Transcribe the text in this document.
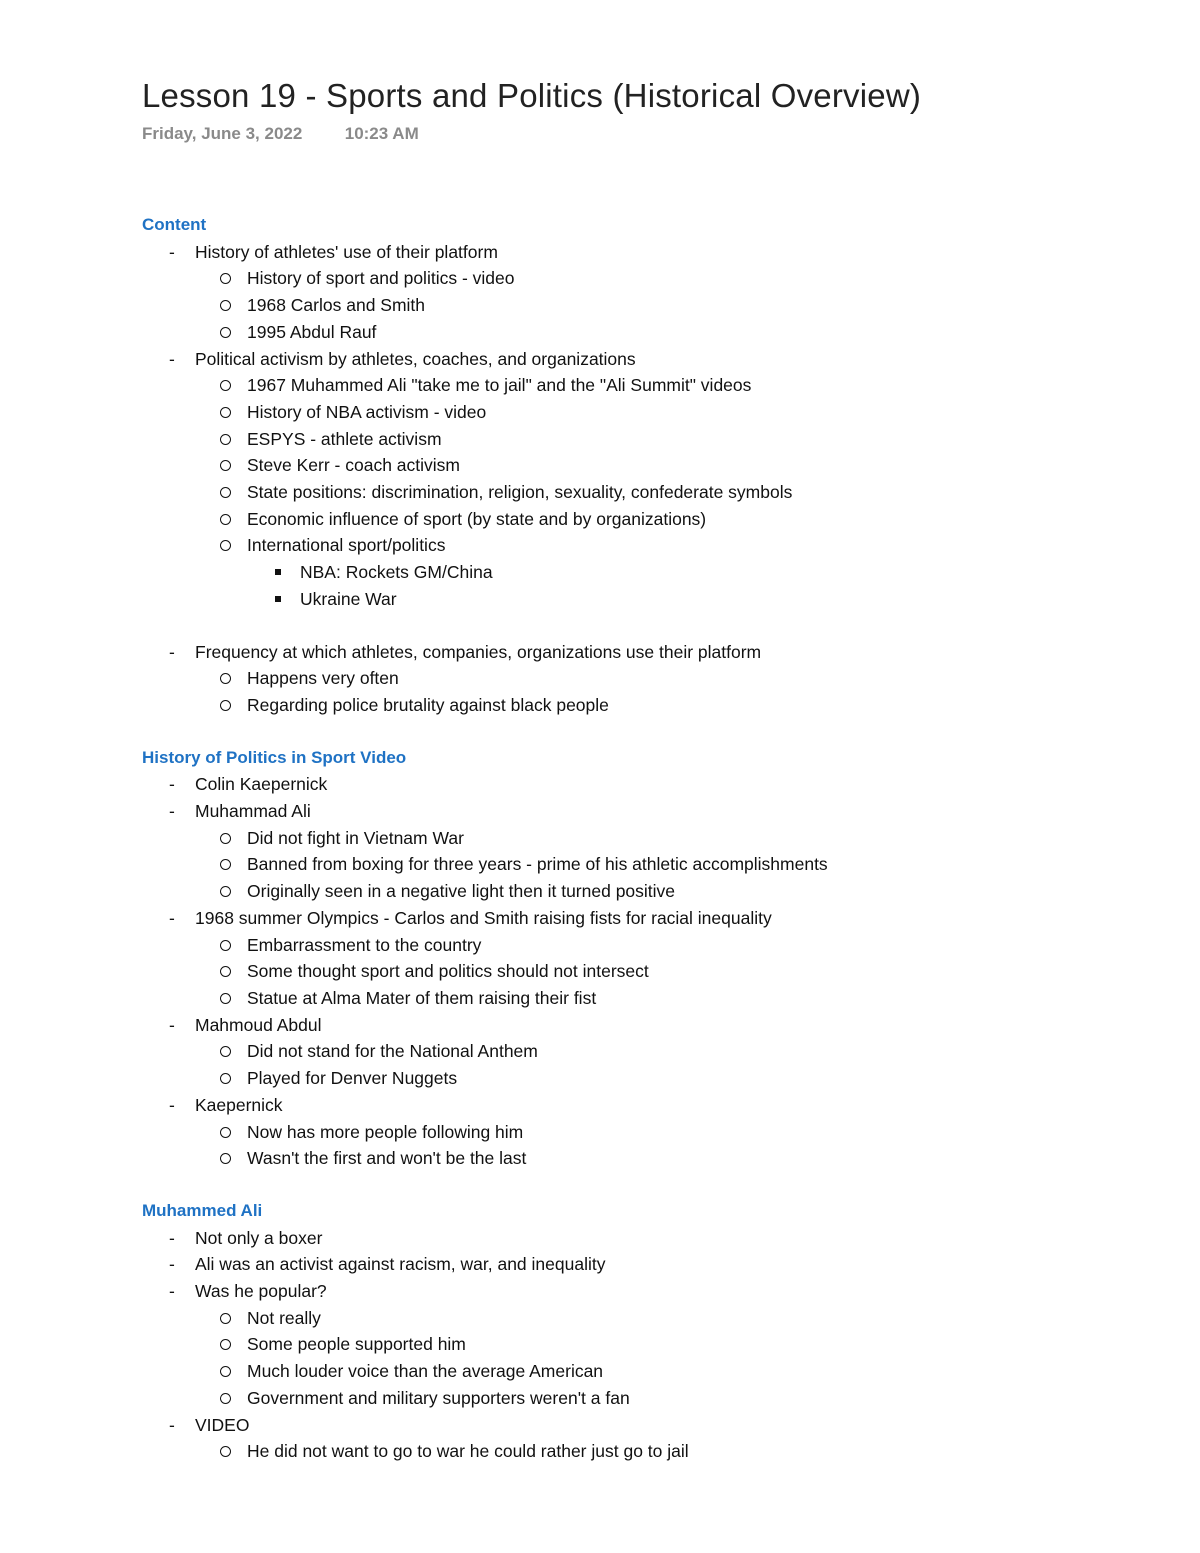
Lesson 19 - Sports and Politics (Historical Overview)
Friday, June 3, 2022 10:23 AM
Content
- History of athletes' use of their platform
History of sport and politics - video
1968 Carlos and Smith
1995 Abdul Rauf
- Political activism by athletes, coaches, and organizations
1967 Muhammed Ali "take me to jail" and the "Ali Summit" videos
History of NBA activism - video
ESPYS - athlete activism
Steve Kerr - coach activism
State positions: discrimination, religion, sexuality, confederate symbols
Economic influence of sport (by state and by organizations)
International sport/politics
NBA: Rockets GM/China
Ukraine War
- Frequency at which athletes, companies, organizations use their platform
Happens very often
Regarding police brutality against black people
History of Politics in Sport Video
- Colin Kaepernick
- Muhammad Ali
Did not fight in Vietnam War
Banned from boxing for three years - prime of his athletic accomplishments
Originally seen in a negative light then it turned positive
- 1968 summer Olympics - Carlos and Smith raising fists for racial inequality
Embarrassment to the country
Some thought sport and politics should not intersect
Statue at Alma Mater of them raising their fist
- Mahmoud Abdul
Did not stand for the National Anthem
Played for Denver Nuggets
- Kaepernick
Now has more people following him
Wasn't the first and won't be the last
Muhammed Ali
- Not only a boxer
- Ali was an activist against racism, war, and inequality
- Was he popular?
Not really
Some people supported him
Much louder voice than the average American
Government and military supporters weren't a fan
- VIDEO
He did not want to go to war he could rather just go to jail
